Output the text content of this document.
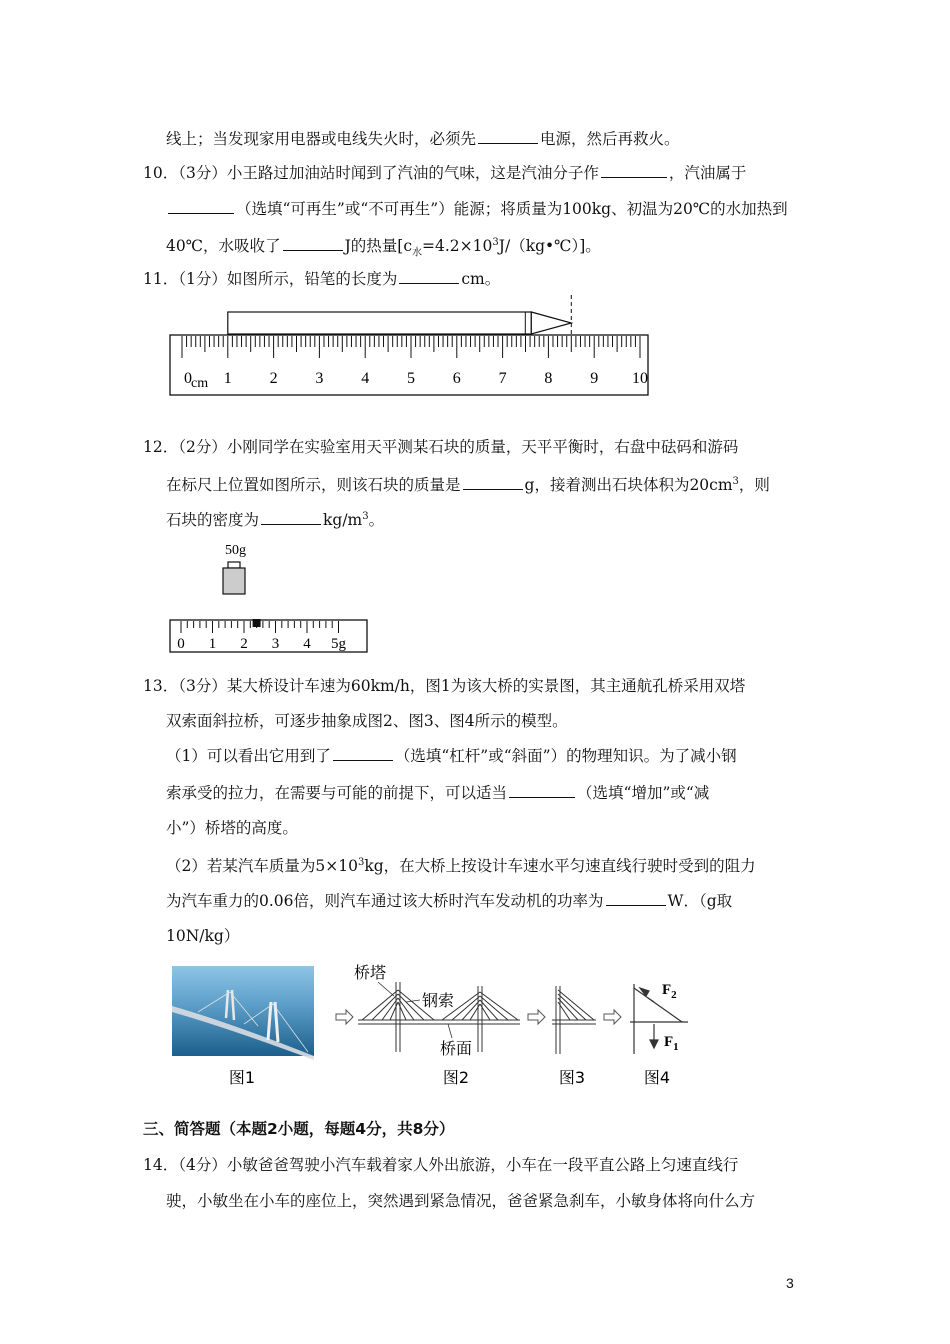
线上；当发现家用电器或电线失火时，必须先	电源，然后再救火。
10．（3分）小王路过加油站时闻到了汽油的气味，这是汽油分子作	，汽油属于
（选填“可再生”或“不可再生”）能源；将质量为100kg、初温为20℃的水加热到
40℃，水吸收了	J的热量$[c_水=4.2\times 10^3J/(kg•℃)]$。
11．（1分）如图所示，铅笔的长度为	cm。
0 1 2 3 4 5 6 7 8 9 10
cm
12．（2分）小刚同学在实验室用天平测某石块的质量，天平平衡时，右盘中砝码和游码
在标尺上位置如图所示，则该石块的质量是	g，接着测出石块体积为$20cm^3$，则
石块的密度为	$kg/m^3$。
50g
0 1 2 3 4 5g
13．（3分）某大桥设计车速为60km/h，图1为该大桥的实景图，其主通航孔桥采用双塔
双索面斜拉桥，可逐步抽象成图2、图3、图4所示的模型。
（1）可以看出它用到了	（选填“杠杆”或“斜面”）的物理知识。为了减小钢
索承受的拉力，在需要与可能的前提下，可以适当	（选填“增加”或“减
小”）桥塔的高度。
（2）若某汽车质量为$5\times 10^3kg$，在大桥上按设计车速水平匀速直线行驶时受到的阻力
为汽车重力的0.06倍，则汽车通过该大桥时汽车发动机的功率为	W．（g取
10N/kg）
图1
桥塔
钢索
桥面
图2	图3
$F_2$
$F_1$
图4
三、简答题（本题2小题，每题4分，共8分）
14．（4分）小敏爸爸驾驶小汽车载着家人外出旅游，小车在一段平直公路上匀速直线行
驶，小敏坐在小车的座位上，突然遇到紧急情况，爸爸紧急刹车，小敏身体将向什么方
3
